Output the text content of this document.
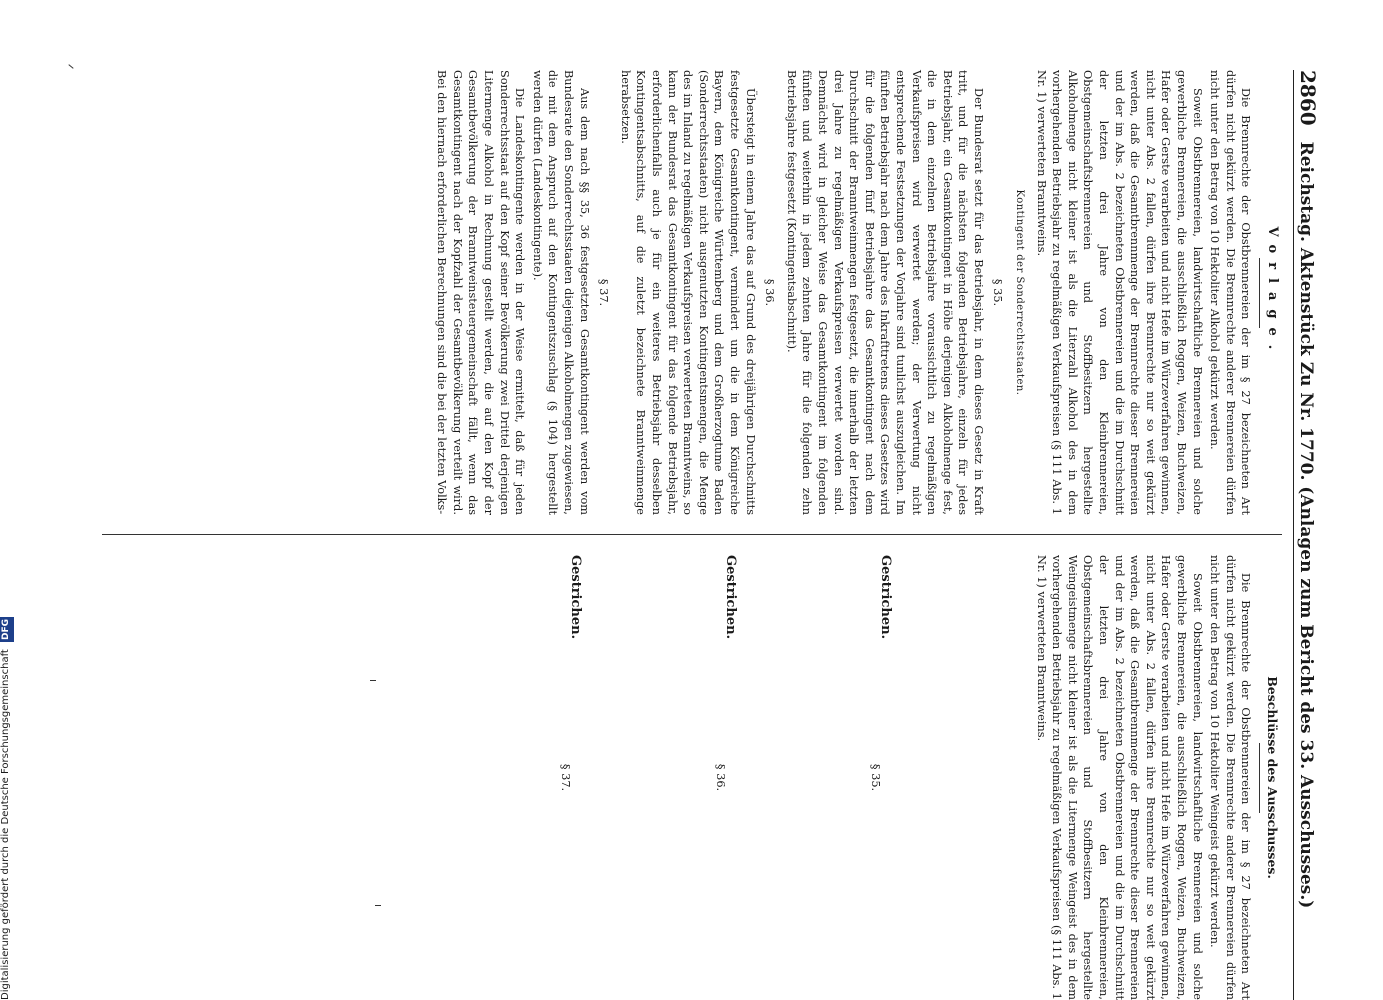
2860 Reichstag. Aktenstück Zu Nr. 1770. (Anlagen zum Bericht des 33. Ausschusses.)
Vorlage.

Die Brennrechte der Obstbrennereien der im § 27 bezeichneten Art dürfen nicht gekürzt werden. Die Brennrechte anderer Brennereien dürfen nicht unter den Betrag von 10 Hektoliter Alkohol gekürzt werden.

Soweit Obstbrennereien, landwirtschaftliche Brennereien und solche gewerbliche Brennereien, die ausschließlich Roggen, Weizen, Buchweizen, Hafer oder Gerste verarbeiten und nicht Hefe im Würzeverfahren gewinnen, nicht unter Abs. 2 fallen, dürfen ihre Brennrechte nur so weit gekürzt werden, daß die Gesamtbrennmenge der Brennrechte dieser Brennereien und der im Abs. 2 bezeichneten Obstbrennereien und die im Durchschnitt der letzten drei Jahre von den Kleinbrennereien, Obstgemeinschaftsbrennereien und Stoffbesitzern hergestellte Alkoholmenge nicht kleiner ist als die Literzahl Alkohol des in dem vorhergehenden Betriebsjahr zu regelmäßigen Verkaufspreisen (§ 111 Abs. 1 Nr. 1) verwerteten Branntweins.

Kontingent der Sonderrechtsstaaten.
§ 35.

Der Bundesrat setzt für das Betriebsjahr, in dem dieses Gesetz in Kraft tritt, und für die nächsten folgenden Betriebsjahre, einzeln für jedes Betriebsjahr, ein Gesamtkontingent in Höhe derjenigen Alkoholmenge fest, die in dem einzelnen Betriebsjahre voraussichtlich zu regelmäßigen Verkaufspreisen wird verwertet werden; der Verwertung nicht entsprechende Festsetzungen der Vorjahre sind tunlichst auszugleichen. Im fünften Betriebsjahr nach dem Jahre des Inkrafttretens dieses Gesetzes wird für die folgenden fünf Betriebsjahre das Gesamtkontingent nach dem Durchschnitt der Branntweinmengen festgesetzt, die innerhalb der letzten drei Jahre zu regelmäßigen Verkaufspreisen verwertet worden sind. Demnächst wird in gleicher Weise das Gesamtkontingent im folgenden fünften und weiterhin in jedem zehnten Jahre für die folgenden zehn Betriebsjahre festgesetzt (Kontingentsabschnitt).

§ 36.

Übersteigt in einem Jahre das auf Grund des dreijährigen Durchschnitts festgesetzte Gesamtkontingent, vermindert um die in dem Königreiche Bayern, dem Königreiche Württemberg und dem Großherzogtume Baden (Sonderrechtsstaaten) nicht ausgenutzten Kontingentsmengen, die Menge des im Inland zu regelmäßigen Verkaufspreisen verwerteten Branntweins, so kann der Bundesrat das Gesamtkontingent für das folgende Betriebsjahr, erforderlichenfalls auch je für ein weiteres Betriebsjahr desselben Kontingentsabschnitts, auf die zuletzt bezeichnete Branntweinmenge herabsetzen.

§ 37.

Aus dem nach §§ 35, 36 festgesetzten Gesamtkontingent werden vom Bundesrate den Sonderrechtsstaaten diejenigen Alkoholmengen zugewiesen, die mit dem Anspruch auf den Kontingentszuschlag (§ 104) hergestellt werden dürfen (Landeskontingente).

Die Landeskontingente werden in der Weise ermittelt, daß für jeden Sonderrechtsstaat auf den Kopf seiner Bevölkerung zwei Drittel derjenigen Litermenge Alkohol in Rechnung gestellt werden, die auf den Kopf der Gesamtbevölkerung der Branntweinsteuergemeinschaft fällt, wenn das Gesamtkontingent nach der Kopfzahl der Gesamtbevölkerung verteilt wird. Bei den hiernach erforderlichen Berechnungen sind die bei der letzten Volks-

Beschlüsse des Ausschusses.

Die Brennrechte der Obstbrennereien der im § 27 bezeichneten Art dürfen nicht gekürzt werden. Die Brennrechte anderer Brennereien dürfen nicht unter den Betrag von 10 Hektoliter Weingeist gekürzt werden.

Soweit Obstbrennereien, landwirtschaftliche Brennereien und solche gewerbliche Brennereien, die ausschließlich Roggen, Weizen, Buchweizen, Hafer oder Gerste verarbeiten und nicht Hefe im Würzeverfahren gewinnen, nicht unter Abs. 2 fallen, dürfen ihre Brennrechte nur so weit gekürzt werden, daß die Gesamtbrennmenge der Brennrechte dieser Brennereien und der im Abs. 2 bezeichneten Obstbrennereien und die im Durchschnitt der letzten drei Jahre von den Kleinbrennereien, Obstgemeinschaftsbrennereien und Stoffbesitzern hergestellte Weingeistmenge nicht kleiner ist als die Litermenge Weingeist des in dem vorhergehenden Betriebsjahr zu regelmäßigen Verkaufspreisen (§ 111 Abs. 1 Nr. 1) verwerteten Branntweins.

§ 35.

Gestrichen.

§ 36.

Gestrichen.

§ 37.

Gestrichen.

Digitalisierung gefördert durch die Deutsche Forschungsgemeinschaft DFG
